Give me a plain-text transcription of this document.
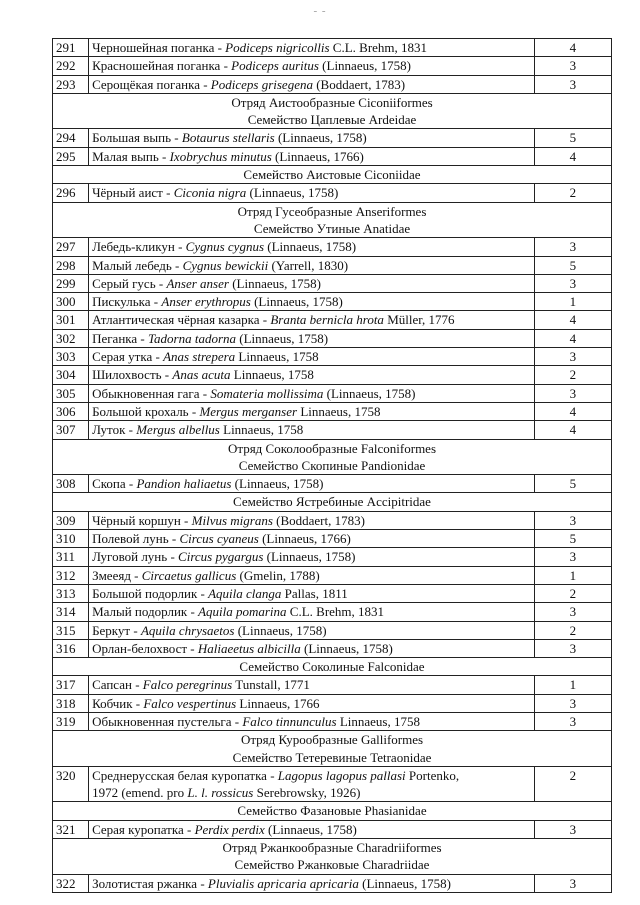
- -
291	Черношейная поганка - Podiceps nigricollis C.L. Brehm, 1831	4
292	Красношейная поганка - Podiceps auritus (Linnaeus, 1758)	3
293	Серощёкая поганка - Podiceps grisegena (Boddaert, 1783)	3

Отряд Аистообразные Ciconiiformes
Семейство Цаплевые Ardeidae		

294	Большая выпь - Botaurus stellaris (Linnaeus, 1758)	5
295	Малая выпь - Ixobrychus minutus (Linnaeus, 1766)	4

Семейство Аистовые Ciconiidae		

296	Чёрный аист - Ciconia nigra (Linnaeus, 1758)	2

Отряд Гусеобразные Anseriformes
Семейство Утиные Anatidae		

297	Лебедь-кликун - Cygnus cygnus (Linnaeus, 1758)	3
298	Малый лебедь - Cygnus bewickii (Yarrell, 1830)	5
299	Серый гусь - Anser anser (Linnaeus, 1758)	3
300	Пискулька - Anser erythropus (Linnaeus, 1758)	1
301	Атлантическая чёрная казарка - Branta bernicla hrota Müller, 1776	4
302	Пеганка - Tadorna tadorna (Linnaeus, 1758)	4
303	Серая утка - Anas strepera Linnaeus, 1758	3
304	Шилохвость - Anas acuta Linnaeus, 1758	2
305	Обыкновенная гага - Somateria mollissima (Linnaeus, 1758)	3
306	Большой крохаль - Mergus merganser Linnaeus, 1758	4
307	Луток - Mergus albellus Linnaeus, 1758	4

Отряд Соколообразные Falconiformes
Семейство Скопиные Pandionidae		

308	Скопа - Pandion haliaetus (Linnaeus, 1758)	5

Семейство Ястребиные Accipitridae		

309	Чёрный коршун - Milvus migrans (Boddaert, 1783)	3
310	Полевой лунь - Circus cyaneus (Linnaeus, 1766)	5
311	Луговой лунь - Circus pygargus (Linnaeus, 1758)	3
312	Змееяд - Circaetus gallicus (Gmelin, 1788)	1
313	Большой подорлик - Aquila clanga Pallas, 1811	2
314	Малый подорлик - Aquila pomarina C.L. Brehm, 1831	3
315	Беркут - Aquila chrysaetos (Linnaeus, 1758)	2
316	Орлан-белохвост - Haliaeetus albicilla (Linnaeus, 1758)	3

Семейство Соколиные Falconidae		

317	Сапсан - Falco peregrinus Tunstall, 1771	1
318	Кобчик - Falco vespertinus Linnaeus, 1766	3
319	Обыкновенная пустельга - Falco tinnunculus Linnaeus, 1758	3

Отряд Курообразные Galliformes
Семейство Тетеревиные Tetraonidae		

320	Среднерусская белая куропатка - Lagopus lagopus pallasi Portenko,
1972 (emend. pro L. l. rossicus Serebrowsky, 1926)	2

Семейство Фазановые Phasianidae		

321	Серая куропатка - Perdix perdix (Linnaeus, 1758)	3

Отряд Ржанкообразные Charadriiformes
Семейство Ржанковые Charadriidae		

322	Золотистая ржанка - Pluvialis apricaria apricaria (Linnaeus, 1758)	3
